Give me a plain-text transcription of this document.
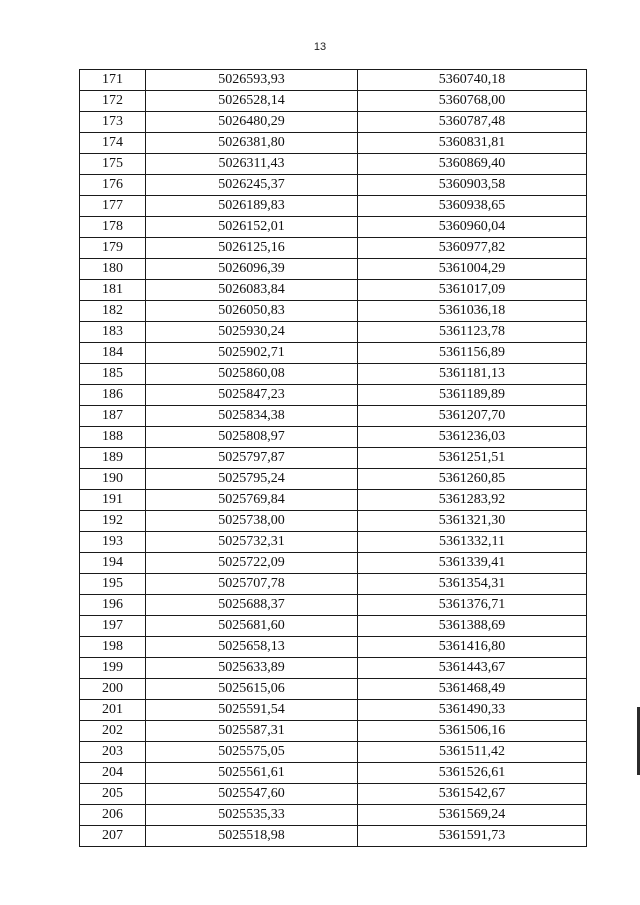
13
171	5026593,93	5360740,18
172	5026528,14	5360768,00
173	5026480,29	5360787,48
174	5026381,80	5360831,81
175	5026311,43	5360869,40
176	5026245,37	5360903,58
177	5026189,83	5360938,65
178	5026152,01	5360960,04
179	5026125,16	5360977,82
180	5026096,39	5361004,29
181	5026083,84	5361017,09
182	5026050,83	5361036,18
183	5025930,24	5361123,78
184	5025902,71	5361156,89
185	5025860,08	5361181,13
186	5025847,23	5361189,89
187	5025834,38	5361207,70
188	5025808,97	5361236,03
189	5025797,87	5361251,51
190	5025795,24	5361260,85
191	5025769,84	5361283,92
192	5025738,00	5361321,30
193	5025732,31	5361332,11
194	5025722,09	5361339,41
195	5025707,78	5361354,31
196	5025688,37	5361376,71
197	5025681,60	5361388,69
198	5025658,13	5361416,80
199	5025633,89	5361443,67
200	5025615,06	5361468,49
201	5025591,54	5361490,33
202	5025587,31	5361506,16
203	5025575,05	5361511,42
204	5025561,61	5361526,61
205	5025547,60	5361542,67
206	5025535,33	5361569,24
207	5025518,98	5361591,73
